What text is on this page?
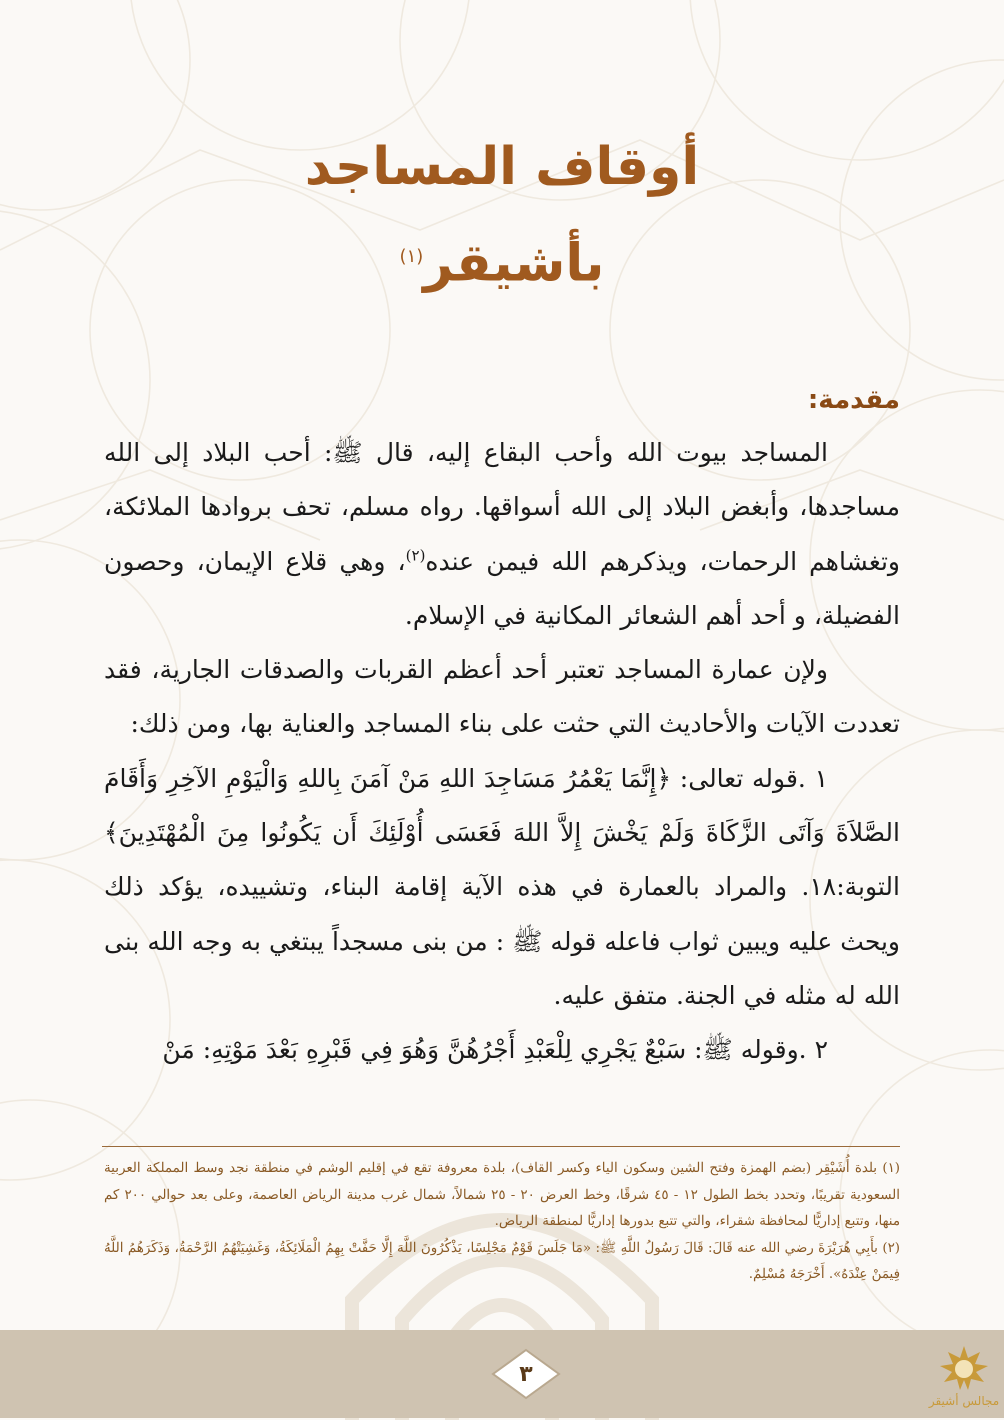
أوقاف المساجد
بأشيقر$^{(١)}$
مقدمة:

المساجد بيوت الله وأحب البقاع إليه، قال ﷺ: أحب البلاد إلى الله مساجدها، وأبغض البلاد إلى الله أسواقها. رواه مسلم، تحف بروادها الملائكة، وتغشاهم الرحمات، ويذكرهم الله فيمن عنده$^{(٢)}$، وهي قلاع الإيمان، وحصون الفضيلة، و أحد أهم الشعائر المكانية في الإسلام.

ولإن عمارة المساجد تعتبر أحد أعظم القربات والصدقات الجارية، فقد تعددت الآيات والأحاديث التي حثت على بناء المساجد والعناية بها، ومن ذلك:

١ .قوله تعالى: ﴿إِنَّمَا يَعْمُرُ مَسَاجِدَ اللهِ مَنْ آمَنَ بِاللهِ وَالْيَوْمِ الآخِرِ وَأَقَامَ الصَّلاَةَ وَآتَى الزَّكَاةَ وَلَمْ يَخْشَ إِلاَّ اللهَ فَعَسَى أُوْلَئِكَ أَن يَكُونُوا مِنَ الْمُهْتَدِينَ﴾ التوبة:١٨. والمراد بالعمارة في هذه الآية إقامة البناء، وتشييده، يؤكد ذلك ويحث عليه ويبين ثواب فاعله قوله ﷺ : من بنى مسجداً يبتغي به وجه الله بنى الله له مثله في الجنة. متفق عليه.

٢ .وقوله ﷺ: سَبْعٌ يَجْرِي لِلْعَبْدِ أَجْرُهُنَّ وَهُوَ فِي قَبْرِهِ بَعْدَ مَوْتِهِ: مَنْ

(١) بلدة أُشَيْقِر (بضم الهمزة وفتح الشين وسكون الياء وكسر القاف)، بلدة معروفة تقع في إقليم الوشم في منطقة نجد وسط المملكة العربية السعودية تقريبًا، وتحدد بخط الطول ١٢ - ٤٥ شرقًا، وخط العرض ٢٠ - ٢٥ شمالاً، شمال غرب مدينة الرياض العاصمة، وعلى بعد حوالي ٢٠٠ كم منها، وتتبع إداريًّا لمحافظة شقراء، والتي تتبع بدورها إداريًّا لمنطقة الرياض.

(٢) بأَبِي هُرَيْرَةَ رضي الله عنه قَالَ: قَالَ رَسُولُ اللَّهِ ﷺ: «مَا جَلَسَ قَوْمٌ مَجْلِسًا، يَذْكُرُونَ اللَّهَ إِلَّا حَفَّتْ بِهِمُ الْمَلَائِكَةُ، وَغَشِيَتْهُمُ الرَّحْمَةُ، وَذَكَرَهُمُ اللَّهُ فِيمَنْ عِنْدَهُ». أَخْرَجَهُ مُسْلِمٌ.

٣
مجالس أشيقر
